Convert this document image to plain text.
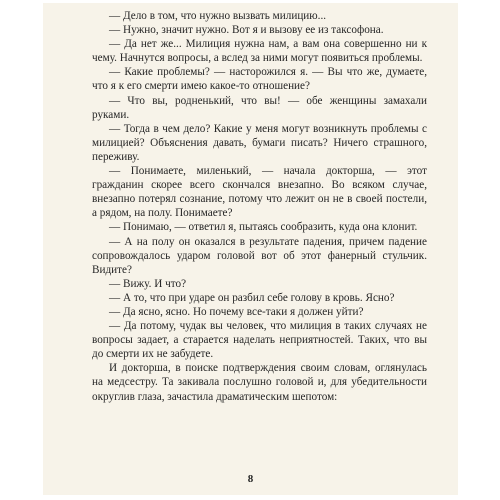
— Дело в том, что нужно вызвать милицию...

— Нужно, значит нужно. Вот я и вызову ее из таксофона.

— Да нет же... Милиция нужна нам, а вам она совершенно ни к чему. Начнутся вопросы, а вслед за ними могут появиться проблемы.

— Какие проблемы? — насторожился я. — Вы что же, думаете, что я к его смерти имею какое-то отношение?

— Что вы, родненький, что вы! — обе женщины замахали руками.

— Тогда в чем дело? Какие у меня могут возникнуть проблемы с милицией? Объяснения давать, бумаги писать? Ничего страшного, переживу.

— Понимаете, миленький, — начала докторша, — этот гражданин скорее всего скончался внезапно. Во всяком случае, внезапно потерял сознание, потому что лежит он не в своей постели, а рядом, на полу. Понимаете?

— Понимаю, — ответил я, пытаясь сообразить, куда она клонит.

— А на полу он оказался в результате падения, причем падение сопровождалось ударом головой вот об этот фанерный стульчик. Видите?

— Вижу. И что?

— А то, что при ударе он разбил себе голову в кровь. Ясно?

— Да ясно, ясно. Но почему все-таки я должен уйти?

— Да потому, чудак вы человек, что милиция в таких случаях не вопросы задает, а старается наделать неприятностей. Таких, что вы до смерти их не забудете.

И докторша, в поиске подтверждения своим словам, оглянулась на медсестру. Та закивала послушно головой и, для убедительности округлив глаза, зачастила драматическим шепотом:

8
